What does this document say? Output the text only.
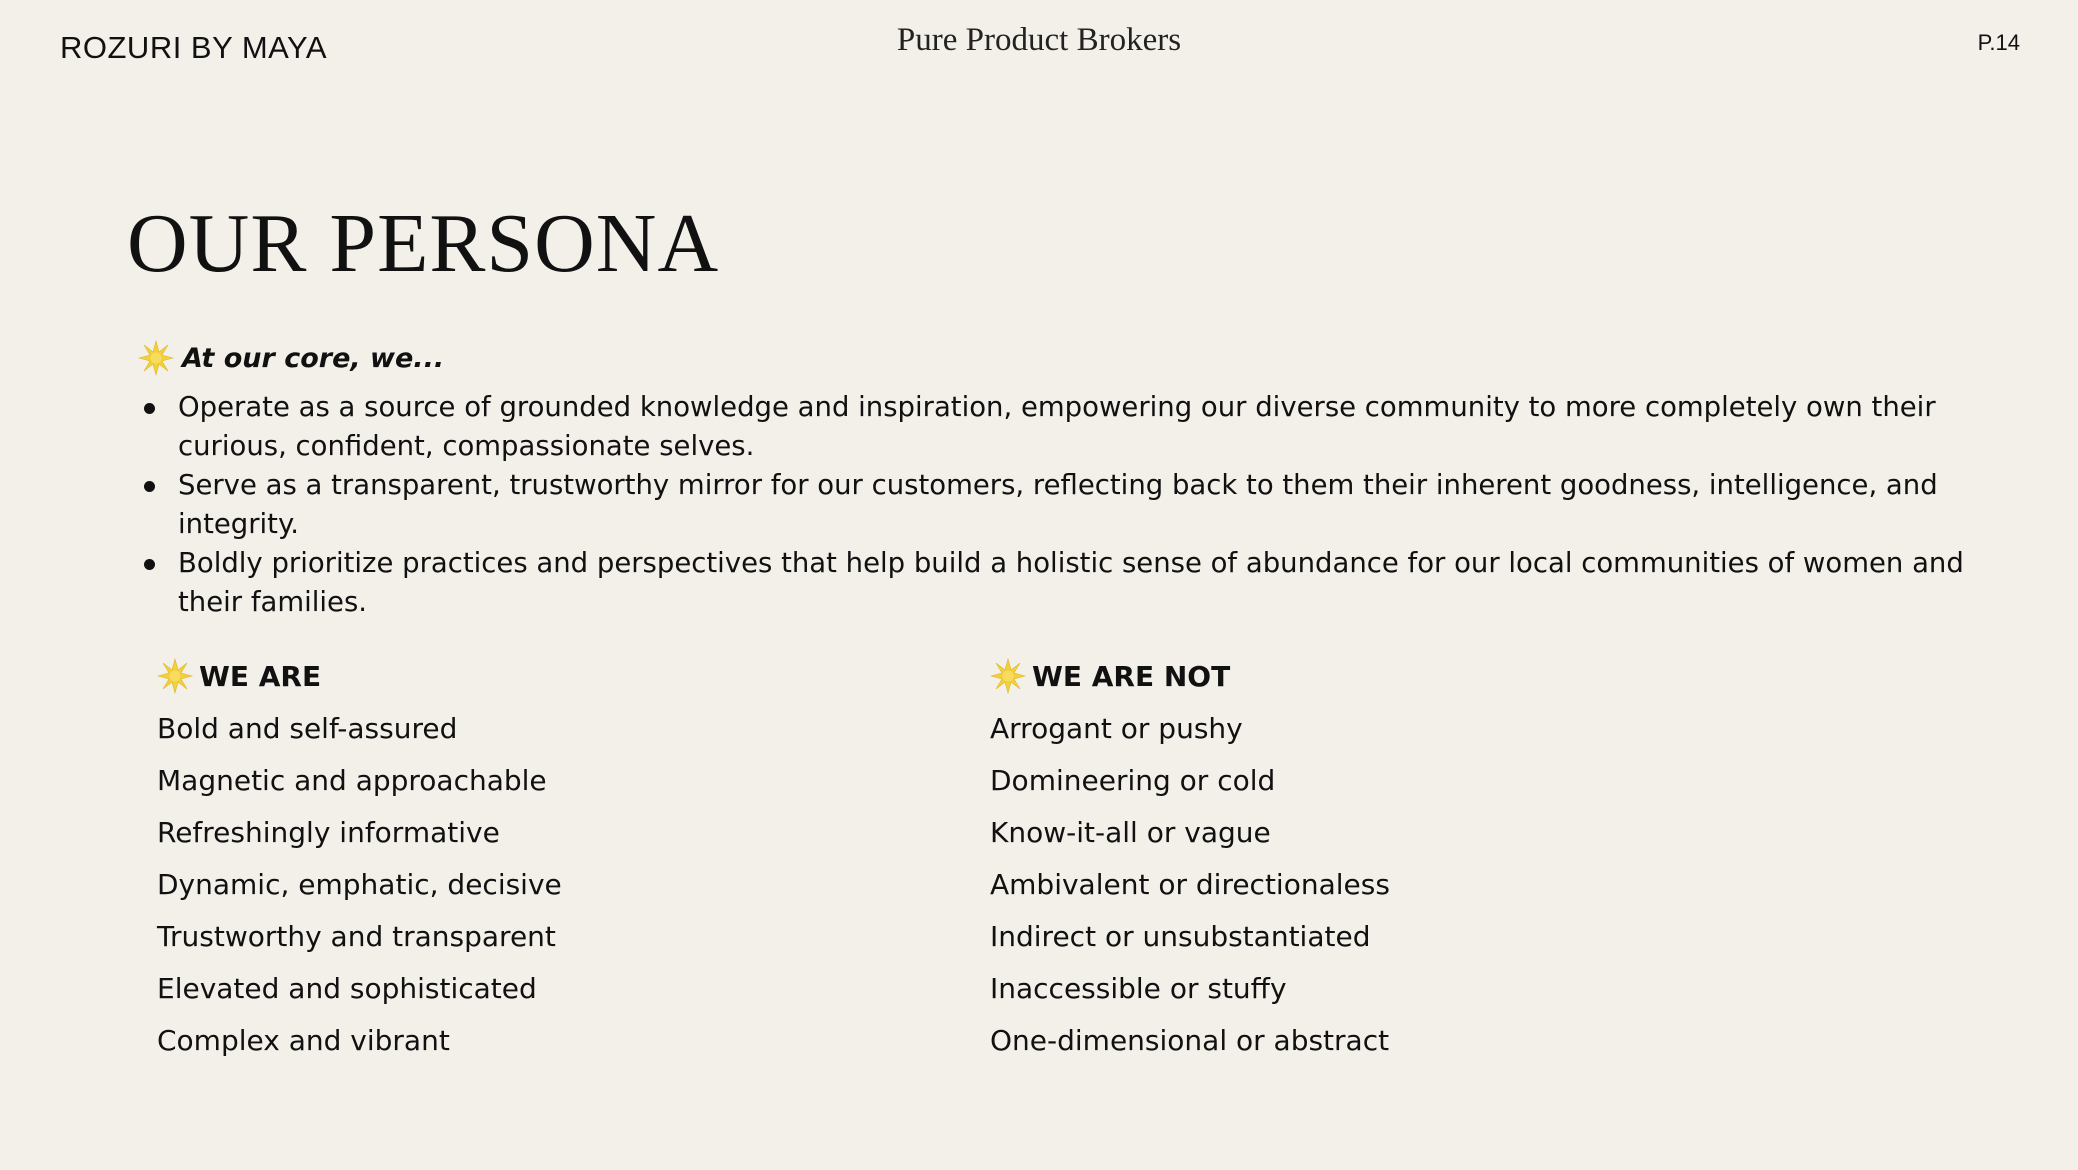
ROZURI BY MAYA	Pure Product Brokers	P.14
OUR PERSONA
At our core, we...
Operate as a source of grounded knowledge and inspiration, empowering our diverse community to more completely own their curious, confident, compassionate selves.
Serve as a transparent, trustworthy mirror for our customers, reflecting back to them their inherent goodness, intelligence, and integrity.
Boldly prioritize practices and perspectives that help build a holistic sense of abundance for our local communities of women and their families.
WE ARE
Bold and self-assured
Magnetic and approachable
Refreshingly informative
Dynamic, emphatic, decisive
Trustworthy and transparent
Elevated and sophisticated
Complex and vibrant
WE ARE NOT
Arrogant or pushy
Domineering or cold
Know-it-all or vague
Ambivalent or directionaless
Indirect or unsubstantiated
Inaccessible or stuffy
One-dimensional or abstract
